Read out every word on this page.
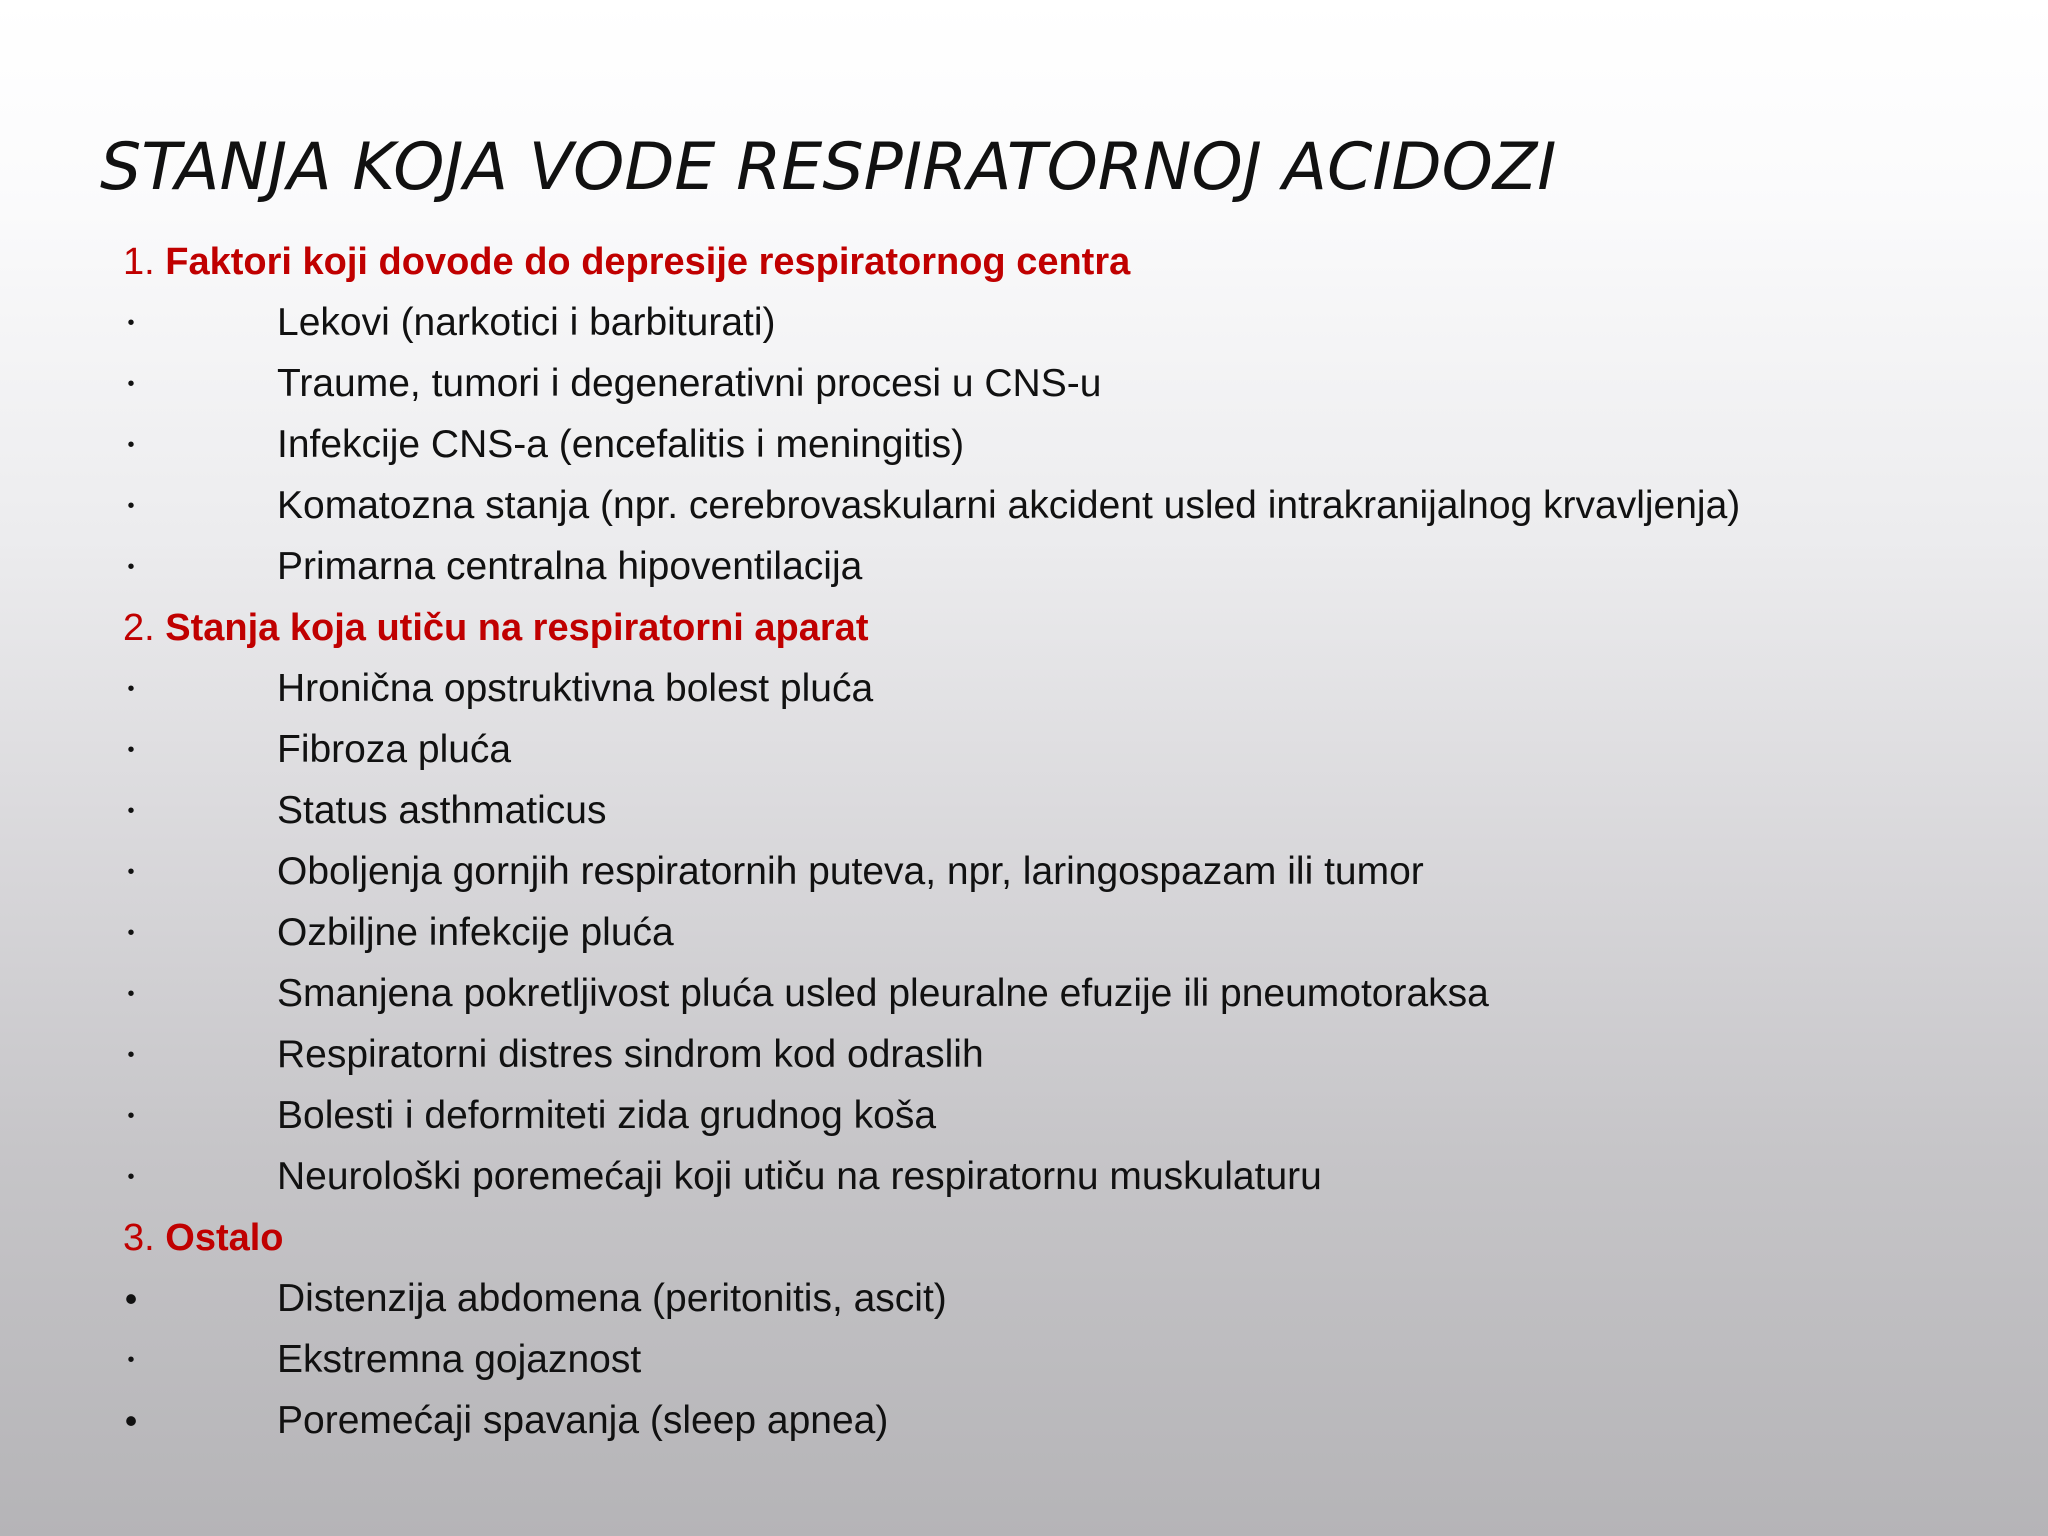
STANJA KOJA VODE RESPIRATORNOJ ACIDOZI
1. Faktori koji dovode do depresije respiratornog centra
•	Lekovi (narkotici i barbiturati)
•	Traume, tumori i degenerativni procesi u CNS-u
•	Infekcije CNS-a (encefalitis i meningitis)
•	Komatozna stanja (npr. cerebrovaskularni akcident usled intrakranijalnog krvavljenja)
•	Primarna centralna hipoventilacija
2. Stanja koja utiču na respiratorni aparat
•	Hronična opstruktivna bolest pluća
•	Fibroza pluća
•	Status asthmaticus
•	Oboljenja gornjih respiratornih puteva, npr, laringospazam ili tumor
•	Ozbiljne infekcije pluća
•	Smanjena pokretljivost pluća usled pleuralne efuzije ili pneumotoraksa
•	Respiratorni distres sindrom kod odraslih
•	Bolesti i deformiteti zida grudnog koša
•	Neurološki poremećaji koji utiču na respiratornu muskulaturu
3. Ostalo
•	Distenzija abdomena (peritonitis, ascit)
•	Ekstremna gojaznost
•	Poremećaji spavanja (sleep apnea)
